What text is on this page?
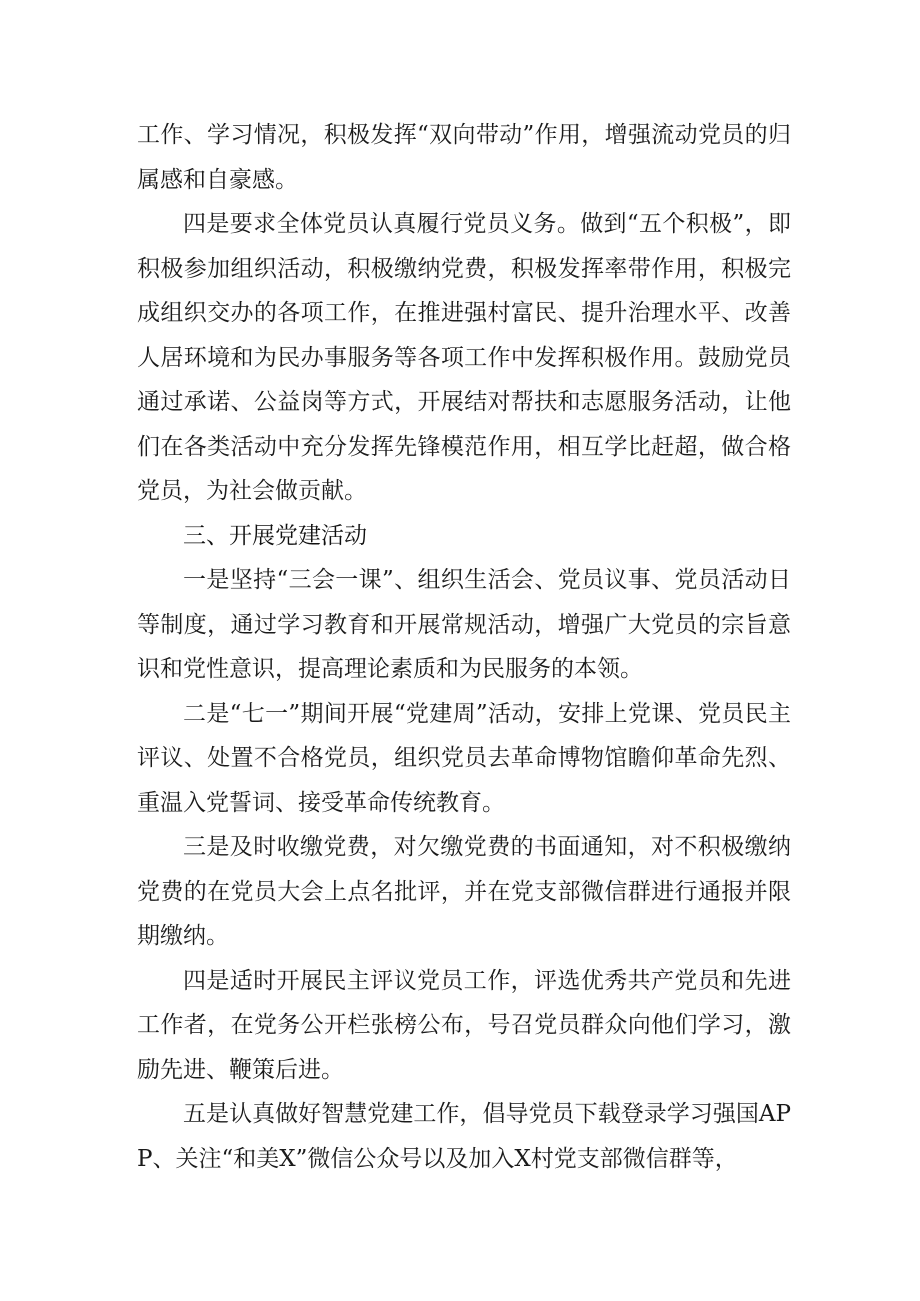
工作、学习情况，积极发挥“双向带动”作用，增强流动党员的归属感和自豪感。

四是要求全体党员认真履行党员义务。做到“五个积极”，即积极参加组织活动，积极缴纳党费，积极发挥率带作用，积极完成组织交办的各项工作，在推进强村富民、提升治理水平、改善人居环境和为民办事服务等各项工作中发挥积极作用。鼓励党员通过承诺、公益岗等方式，开展结对帮扶和志愿服务活动，让他们在各类活动中充分发挥先锋模范作用，相互学比赶超，做合格党员，为社会做贡献。

三、开展党建活动

一是坚持“三会一课”、组织生活会、党员议事、党员活动日等制度，通过学习教育和开展常规活动，增强广大党员的宗旨意识和党性意识，提高理论素质和为民服务的本领。

二是“七一”期间开展“党建周”活动，安排上党课、党员民主评议、处置不合格党员，组织党员去革命博物馆瞻仰革命先烈、重温入党誓词、接受革命传统教育。

三是及时收缴党费，对欠缴党费的书面通知，对不积极缴纳党费的在党员大会上点名批评，并在党支部微信群进行通报并限期缴纳。

四是适时开展民主评议党员工作，评选优秀共产党员和先进工作者，在党务公开栏张榜公布，号召党员群众向他们学习，激励先进、鞭策后进。

五是认真做好智慧党建工作，倡导党员下载登录学习强国APP、关注“和美X”微信公众号以及加入X村党支部微信群等，
